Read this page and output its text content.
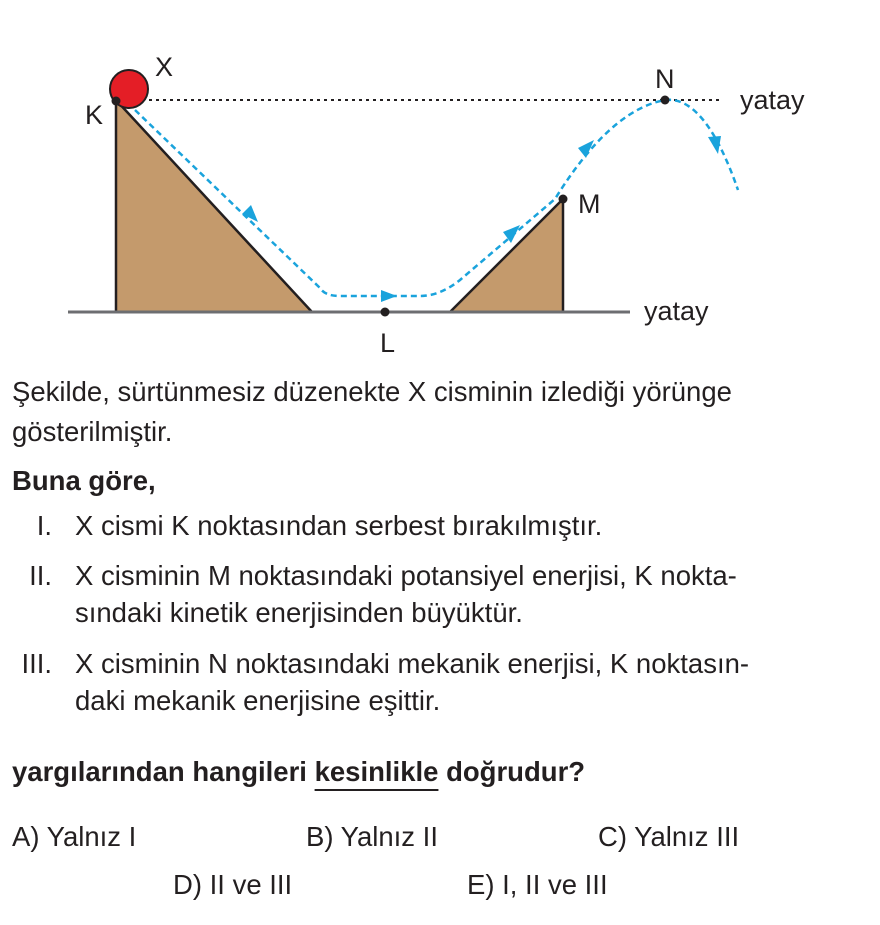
X
K
L
M
N
yatay
yatay
Şekilde, sürtünmesiz düzenekte X cisminin izlediği yörünge
gösterilmiştir.
Buna göre,
I. X cismi K noktasından serbest bırakılmıştır.
II. X cisminin M noktasındaki potansiyel enerjisi, K nokta-
sındaki kinetik enerjisinden büyüktür.
III. X cisminin N noktasındaki mekanik enerjisi, K noktasın-
daki mekanik enerjisine eşittir.
yargılarından hangileri kesinlikle doğrudur?
A) Yalnız I	B) Yalnız II	C) Yalnız III
D) II ve III	E) I, II ve III
